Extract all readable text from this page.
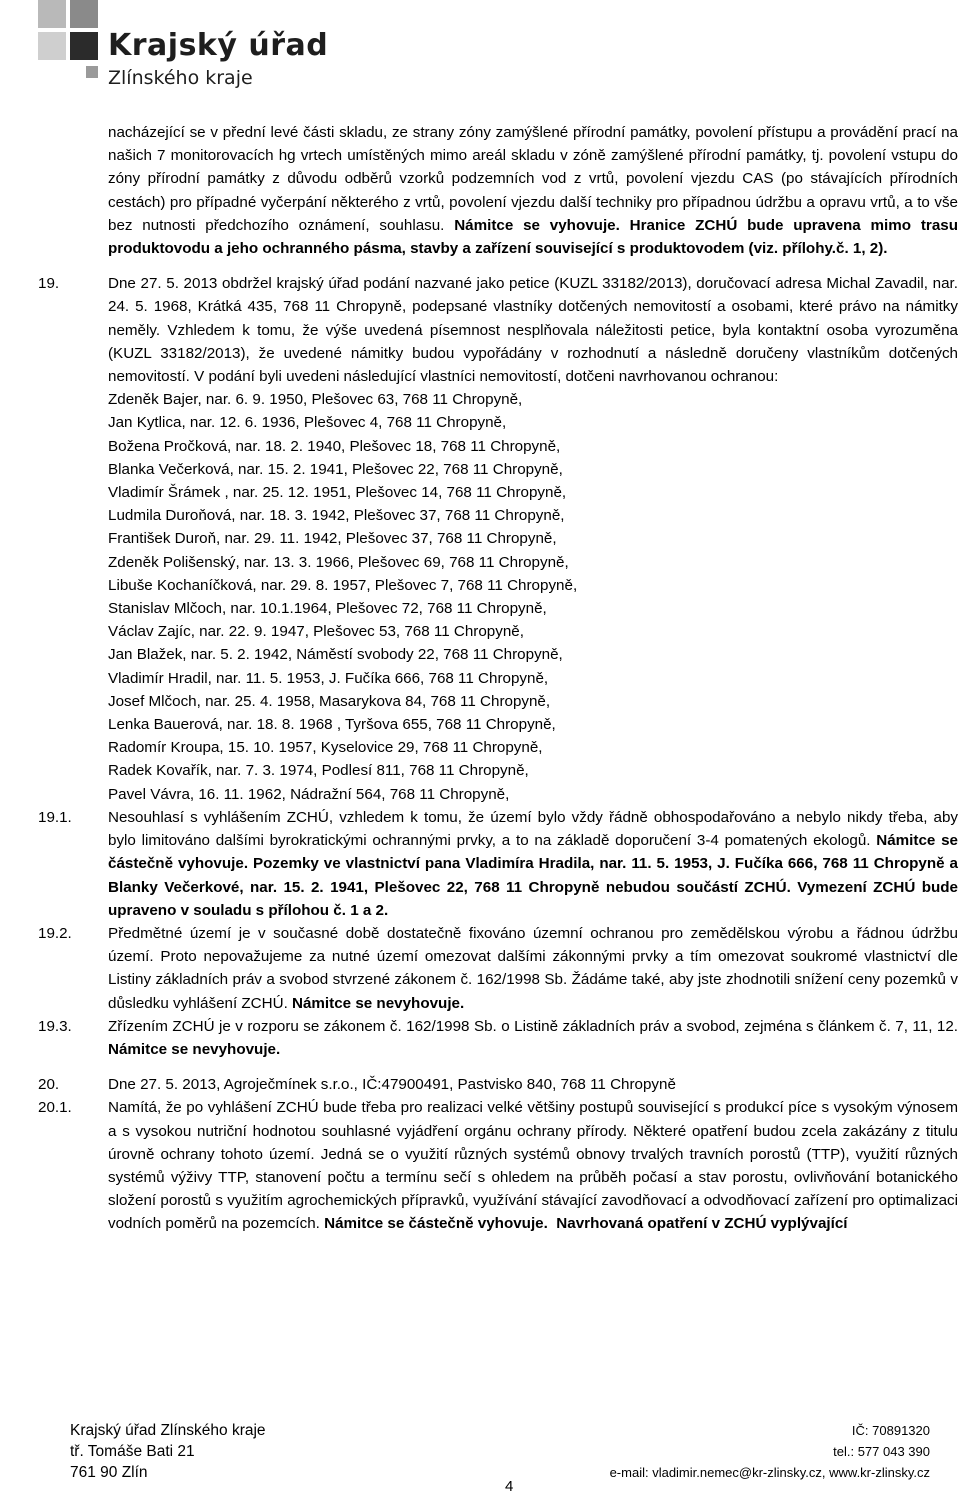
Krajský úřad
Zlínského kraje
nacházející se v přední levé části skladu, ze strany zóny zamýšlené přírodní památky, povolení přístupu a provádění prací na našich 7 monitorovacích hg vrtech umístěných mimo areál skladu v zóně zamýšlené přírodní památky, tj. povolení vstupu do zóny přírodní památky z důvodu odběrů vzorků podzemních vod z vrtů, povolení vjezdu CAS (po stávajících přírodních cestách) pro případné vyčerpání některého z vrtů, povolení vjezdu další techniky pro případnou údržbu a opravu vrtů, a to vše bez nutnosti předchozího oznámení, souhlasu. Námitce se vyhovuje. Hranice ZCHÚ bude upravena mimo trasu produktovodu a jeho ochranného pásma, stavby a zařízení související s produktovodem (viz. přílohy.č. 1, 2).
19.	Dne 27. 5. 2013 obdržel krajský úřad podání nazvané jako petice (KUZL 33182/2013), doručovací adresa Michal Zavadil, nar. 24. 5. 1968, Krátká 435, 768 11 Chropyně, podepsané vlastníky dotčených nemovitostí a osobami, které právo na námitky neměly. Vzhledem k tomu, že výše uvedená písemnost nesplňovala náležitosti petice, byla kontaktní osoba vyrozuměna (KUZL 33182/2013), že uvedené námitky budou vypořádány v rozhodnutí a následně doručeny vlastníkům dotčených nemovitostí. V podání byli uvedeni následující vlastníci nemovitostí, dotčeni navrhovanou ochranou:
Zdeněk Bajer, nar. 6. 9. 1950, Plešovec 63, 768 11 Chropyně,
Jan Kytlica, nar. 12. 6. 1936, Plešovec 4, 768 11 Chropyně,
Božena Pročková, nar. 18. 2. 1940, Plešovec 18, 768 11 Chropyně,
Blanka Večerková, nar. 15. 2. 1941, Plešovec 22, 768 11 Chropyně,
Vladimír Šrámek , nar. 25. 12. 1951, Plešovec 14, 768 11 Chropyně,
Ludmila Duroňová, nar. 18. 3. 1942, Plešovec 37, 768 11 Chropyně,
František Duroň, nar. 29. 11. 1942, Plešovec 37, 768 11 Chropyně,
Zdeněk Polišenský, nar. 13. 3. 1966, Plešovec 69, 768 11 Chropyně,
Libuše Kochaníčková, nar. 29. 8. 1957, Plešovec 7, 768 11 Chropyně,
Stanislav Mlčoch, nar. 10.1.1964, Plešovec 72, 768 11 Chropyně,
Václav Zajíc, nar. 22. 9. 1947, Plešovec 53, 768 11 Chropyně,
Jan Blažek, nar. 5. 2. 1942, Náměstí svobody 22, 768 11 Chropyně,
Vladimír Hradil, nar. 11. 5. 1953, J. Fučíka 666, 768 11 Chropyně,
Josef Mlčoch, nar. 25. 4. 1958, Masarykova 84, 768 11 Chropyně,
Lenka Bauerová, nar. 18. 8. 1968 , Tyršova 655, 768 11 Chropyně,
Radomír Kroupa, 15. 10. 1957, Kyselovice 29, 768 11 Chropyně,
Radek Kovařík, nar. 7. 3. 1974, Podlesí 811, 768 11 Chropyně,
Pavel Vávra, 16. 11. 1962, Nádražní 564, 768 11 Chropyně,
19.1. Nesouhlasí s vyhlášením ZCHÚ, vzhledem k tomu, že území bylo vždy řádně obhospodařováno a nebylo nikdy třeba, aby bylo limitováno dalšími byrokratickými ochrannými prvky, a to na základě doporučení 3-4 pomatených ekologů. Námitce se částečně vyhovuje. Pozemky ve vlastnictví pana Vladimíra Hradila, nar. 11. 5. 1953, J. Fučíka 666, 768 11 Chropyně a Blanky Večerkové, nar. 15. 2. 1941, Plešovec 22, 768 11 Chropyně nebudou součástí ZCHÚ. Vymezení ZCHÚ bude upraveno v souladu s přílohou č. 1 a 2.
19.2. Předmětné území je v současné době dostatečně fixováno územní ochranou pro zemědělskou výrobu a řádnou údržbu území. Proto nepovažujeme za nutné území omezovat dalšími zákonnými prvky a tím omezovat soukromé vlastnictví dle Listiny základních práv a svobod stvrzené zákonem č. 162/1998 Sb. Žádáme také, aby jste zhodnotili snížení ceny pozemků v důsledku vyhlášení ZCHÚ. Námitce se nevyhovuje.
19.3. Zřízením ZCHÚ je v rozporu se zákonem č. 162/1998 Sb. o Listině základních práv a svobod, zejména s článkem č. 7, 11, 12. Námitce se nevyhovuje.
20.	Dne 27. 5. 2013, Agroječmínek s.r.o., IČ:47900491, Pastvisko 840, 768 11 Chropyně
20.1. Namítá, že po vyhlášení ZCHÚ bude třeba pro realizaci velké většiny postupů související s produkcí píce s vysokým výnosem a s vysokou nutriční hodnotou souhlasné vyjádření orgánu ochrany přírody. Některé opatření budou zcela zakázány z titulu úrovně ochrany tohoto území. Jedná se o využití různých systémů obnovy trvalých travních porostů (TTP), využití různých systémů výživy TTP, stanovení počtu a termínu sečí s ohledem na průběh počasí a stav porostu, ovlivňování botanického složení porostů s využitím agrochemických přípravků, využívání stávající zavodňovací a odvodňovací zařízení pro optimalizaci vodních poměrů na pozemcích. Námitce se částečně vyhovuje. Navrhovaná opatření v ZCHÚ vyplývající
Krajský úřad Zlínského kraje
tř. Tomáše Bati 21
761 90 Zlín
IČ: 70891320
tel.: 577 043 390
e-mail: vladimir.nemec@kr-zlinsky.cz, www.kr-zlinsky.cz
4
